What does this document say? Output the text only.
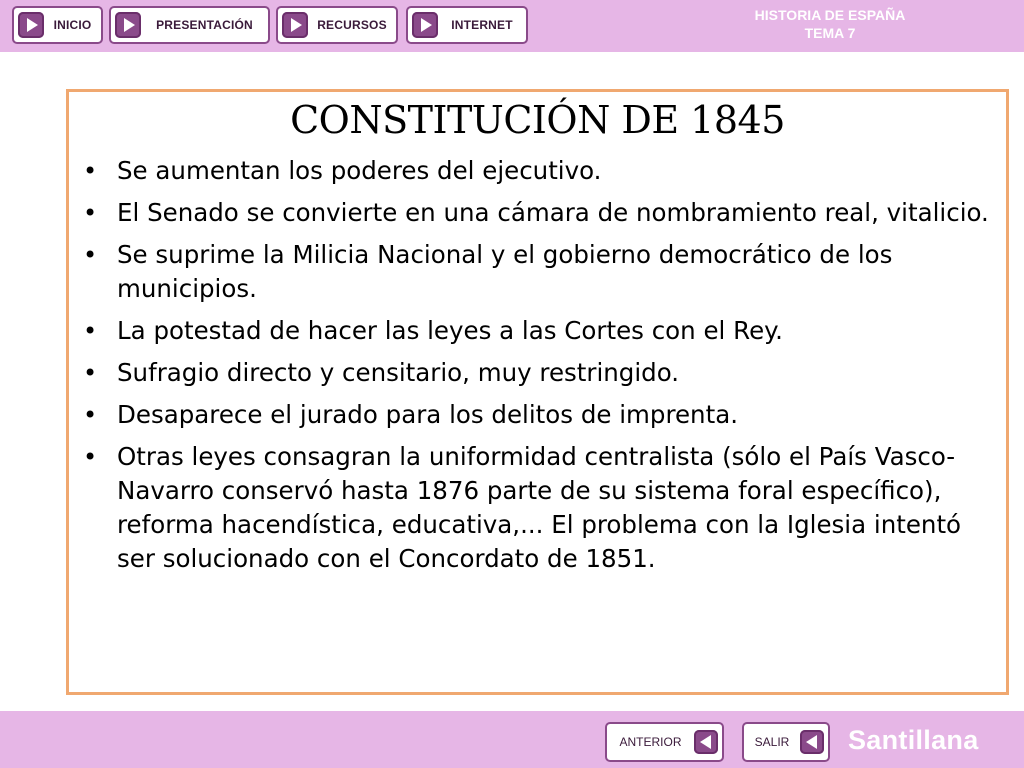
INICIO	PRESENTACIÓN	RECURSOS	INTERNET
HISTORIA DE ESPAÑA
TEMA 7
CONSTITUCIÓN DE 1845
• Se aumentan los poderes del ejecutivo.
• El Senado se convierte en una cámara de nombramiento real, vitalicio.
• Se suprime la Milicia Nacional y el gobierno democrático de los municipios.
• La potestad de hacer las leyes a las Cortes con el Rey.
• Sufragio directo y censitario, muy restringido.
• Desaparece el jurado para los delitos de imprenta.
• Otras leyes consagran la uniformidad centralista (sólo el País Vasco-Navarro conservó hasta 1876 parte de su sistema foral específico), reforma hacendística, educativa,... El problema con la Iglesia intentó ser solucionado con el Concordato de 1851.
ANTERIOR	SALIR	Santillana
